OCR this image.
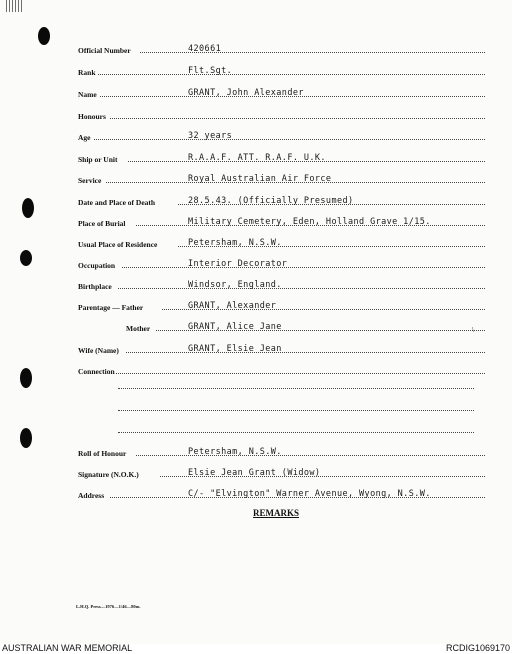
Official Number	420661
Rank	Flt.Sgt.
Name	GRANT, John Alexander
Honours
Age	32 years
Ship or Unit	R.A.A.F. ATT. R.A.F. U.K.
Service	Royal Australian Air Force
Date and Place of Death	28.5.43. (Officially Presumed)
Place of Burial	Military Cemetery, Eden, Holland Grave 1/15.
Usual Place of Residence	Petersham, N.S.W.
Occupation	Interior Decorator
Birthplace	Windsor, England.
Parentage — Father	GRANT, Alexander
Mother	GRANT, Alice Jane	\
Wife (Name)	GRANT, Elsie Jean
Connection
Roll of Honour	Petersham, N.S.W.
Signature (N.O.K.)	Elsie Jean Grant (Widow)
Address	C/- "Elvington" Warner Avenue, Wyong, N.S.W.
REMARKS
L.H.Q. Press—1976—1/46—80m.
AUSTRALIAN WAR MEMORIAL	RCDIG1069170
